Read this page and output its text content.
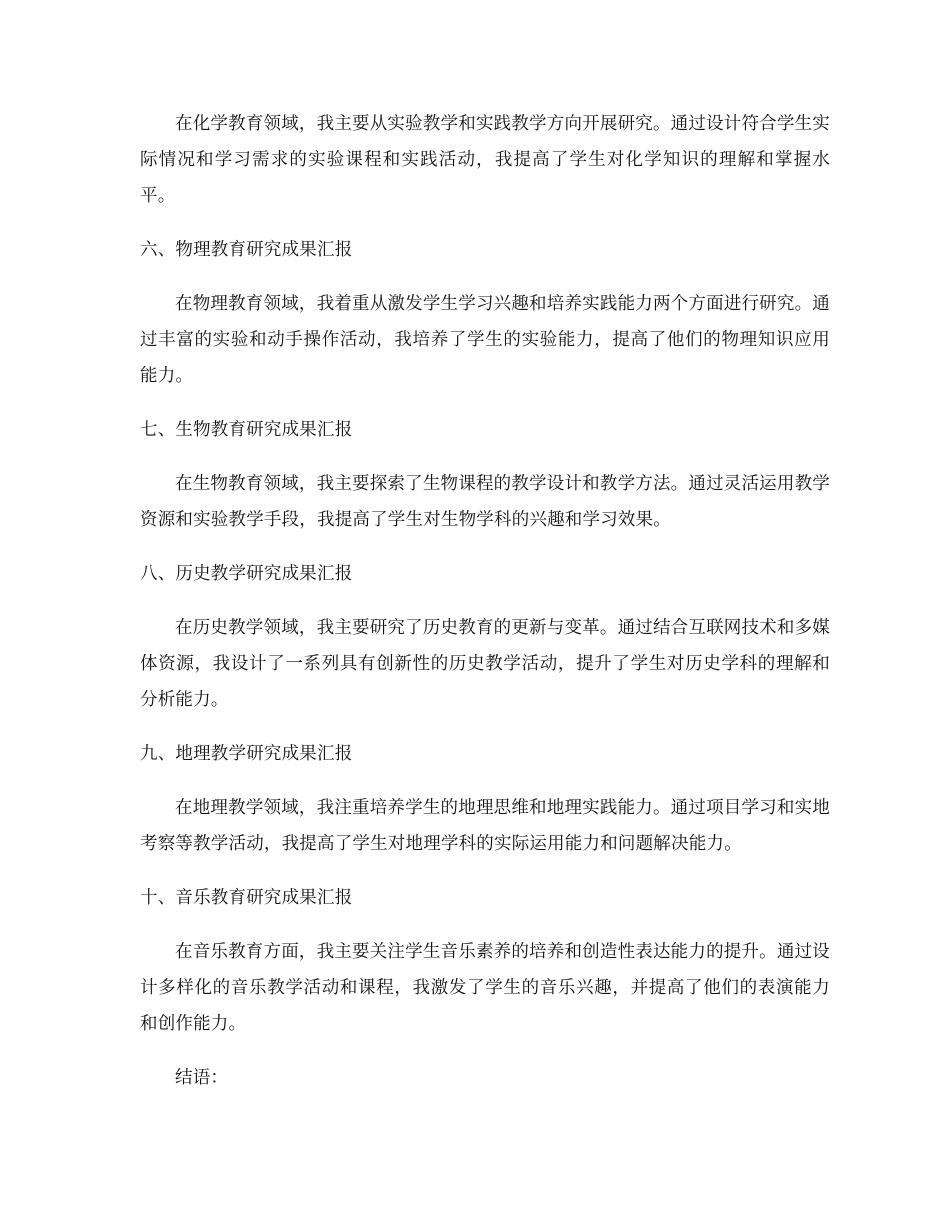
在化学教育领域，我主要从实验教学和实践教学方向开展研究。通过设计符合学生实际情况和学习需求的实验课程和实践活动，我提高了学生对化学知识的理解和掌握水平。

六、物理教育研究成果汇报

在物理教育领域，我着重从激发学生学习兴趣和培养实践能力两个方面进行研究。通过丰富的实验和动手操作活动，我培养了学生的实验能力，提高了他们的物理知识应用能力。

七、生物教育研究成果汇报

在生物教育领域，我主要探索了生物课程的教学设计和教学方法。通过灵活运用教学资源和实验教学手段，我提高了学生对生物学科的兴趣和学习效果。

八、历史教学研究成果汇报

在历史教学领域，我主要研究了历史教育的更新与变革。通过结合互联网技术和多媒体资源，我设计了一系列具有创新性的历史教学活动，提升了学生对历史学科的理解和分析能力。

九、地理教学研究成果汇报

在地理教学领域，我注重培养学生的地理思维和地理实践能力。通过项目学习和实地考察等教学活动，我提高了学生对地理学科的实际运用能力和问题解决能力。

十、音乐教育研究成果汇报

在音乐教育方面，我主要关注学生音乐素养的培养和创造性表达能力的提升。通过设计多样化的音乐教学活动和课程，我激发了学生的音乐兴趣，并提高了他们的表演能力和创作能力。

结语：
